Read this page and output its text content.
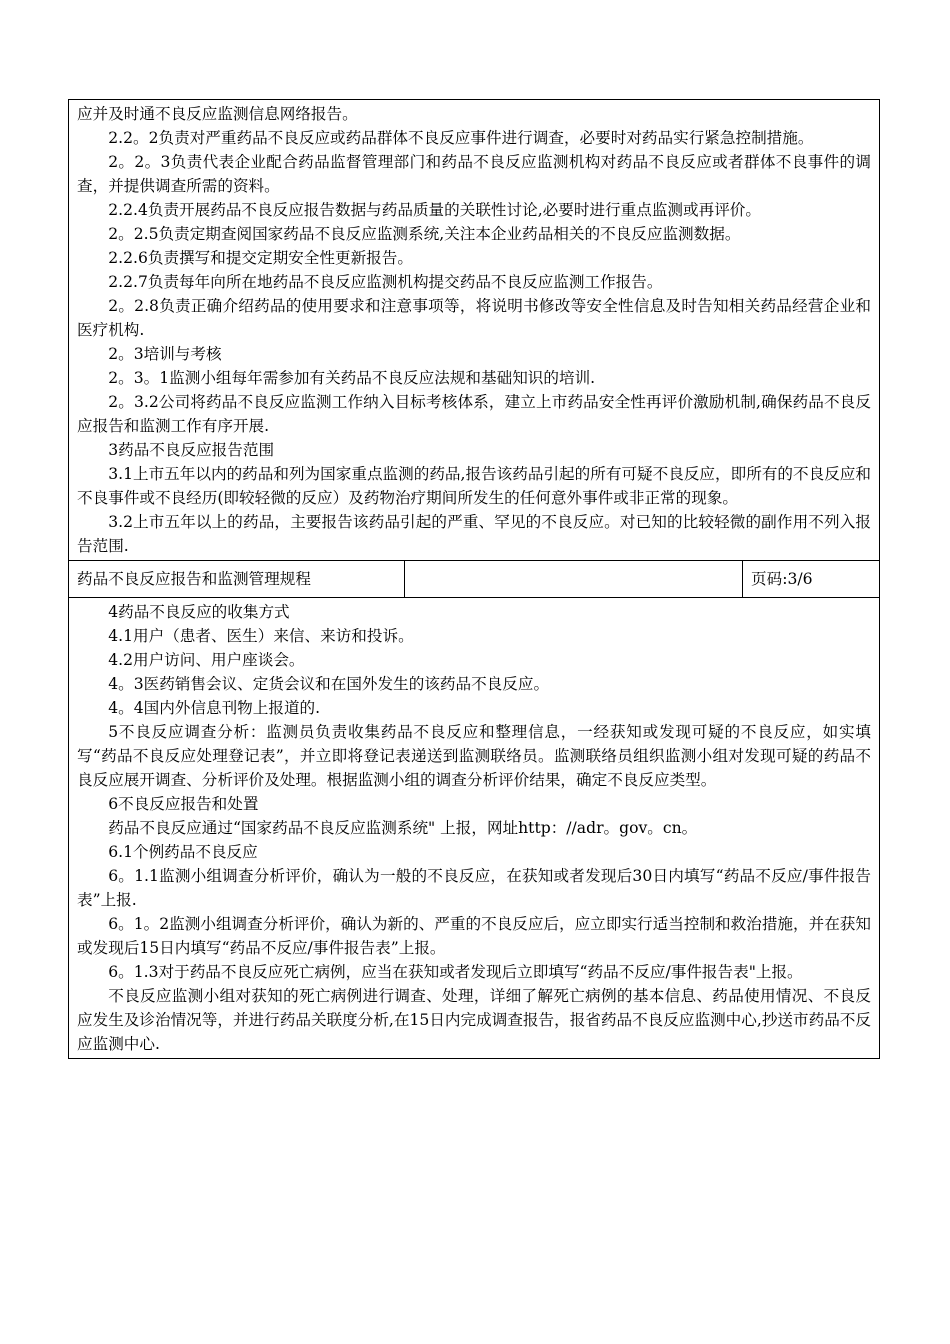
应并及时通不良反应监测信息网络报告。

2.2。2负责对严重药品不良反应或药品群体不良反应事件进行调查，必要时对药品实行紧急控制措施。

2。2。3负责代表企业配合药品监督管理部门和药品不良反应监测机构对药品不良反应或者群体不良事件的调查，并提供调查所需的资料。

2.2.4负责开展药品不良反应报告数据与药品质量的关联性讨论,必要时进行重点监测或再评价。

2。2.5负责定期查阅国家药品不良反应监测系统,关注本企业药品相关的不良反应监测数据。

2.2.6负责撰写和提交定期安全性更新报告。

2.2.7负责每年向所在地药品不良反应监测机构提交药品不良反应监测工作报告。

2。2.8负责正确介绍药品的使用要求和注意事项等，将说明书修改等安全性信息及时告知相关药品经营企业和医疗机构.

2。3培训与考核

2。3。1监测小组每年需参加有关药品不良反应法规和基础知识的培训.

2。3.2公司将药品不良反应监测工作纳入目标考核体系，建立上市药品安全性再评价激励机制,确保药品不良反应报告和监测工作有序开展.

3药品不良反应报告范围

3.1上市五年以内的药品和列为国家重点监测的药品,报告该药品引起的所有可疑不良反应，即所有的不良反应和不良事件或不良经历(即较轻微的反应）及药物治疗期间所发生的任何意外事件或非正常的现象。

3.2上市五年以上的药品，主要报告该药品引起的严重、罕见的不良反应。对已知的比较轻微的副作用不列入报告范围.

药品不良反应报告和监测管理规程	页码:3/6

4药品不良反应的收集方式

4.1用户（患者、医生）来信、来访和投诉。

4.2用户访问、用户座谈会。

4。3医药销售会议、定货会议和在国外发生的该药品不良反应。

4。4国内外信息刊物上报道的.

5不良反应调查分析：监测员负责收集药品不良反应和整理信息，一经获知或发现可疑的不良反应，如实填写“药品不良反应处理登记表”，并立即将登记表递送到监测联络员。监测联络员组织监测小组对发现可疑的药品不良反应展开调查、分析评价及处理。根据监测小组的调查分析评价结果，确定不良反应类型。

6不良反应报告和处置

药品不良反应通过“国家药品不良反应监测系统" 上报，网址http：//adr。gov。cn。

6.1个例药品不良反应

6。1.1监测小组调查分析评价，确认为一般的不良反应，在获知或者发现后30日内填写“药品不反应/事件报告表”上报.

6。1。2监测小组调查分析评价，确认为新的、严重的不良反应后，应立即实行适当控制和救治措施，并在获知或发现后15日内填写“药品不反应/事件报告表”上报。

6。1.3对于药品不良反应死亡病例，应当在获知或者发现后立即填写“药品不反应/事件报告表"上报。

不良反应监测小组对获知的死亡病例进行调查、处理，详细了解死亡病例的基本信息、药品使用情况、不良反应发生及诊治情况等，并进行药品关联度分析,在15日内完成调查报告，报省药品不良反应监测中心,抄送市药品不反应监测中心.
